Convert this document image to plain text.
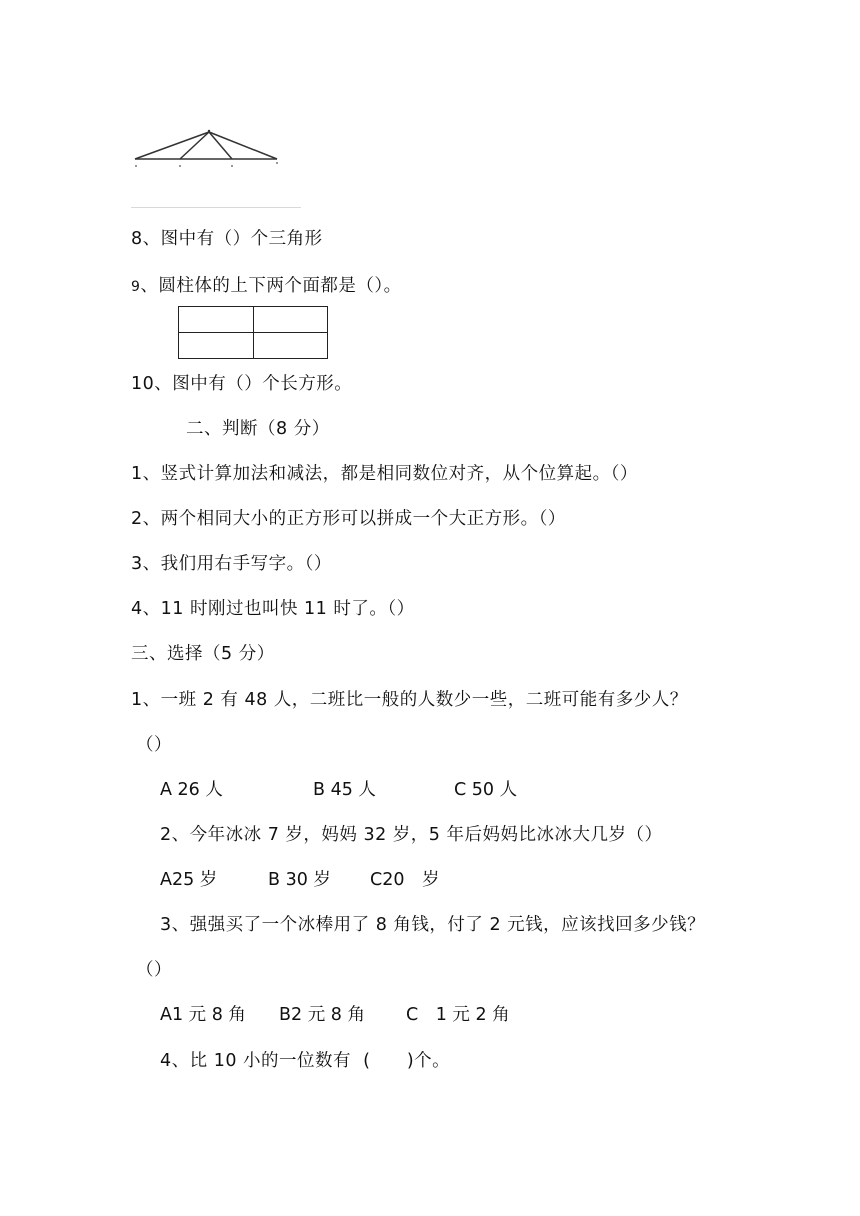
8、图中有（）个三角形
9、圆柱体的上下两个面都是（）。
10、图中有（）个长方形。
二、判断（8 分）
1、竖式计算加法和减法，都是相同数位对齐，从个位算起。（）
2、两个相同大小的正方形可以拼成一个大正方形。（）
3、我们用右手写字。（）
4、11 时刚过也叫快 11 时了。（）
三、选择（5 分）
1、一班 2 有 48 人，二班比一般的人数少一些，二班可能有多少人？
（）
A 26 人	B 45 人	C 50 人
2、今年冰冰 7 岁，妈妈 32 岁，5 年后妈妈比冰冰大几岁（）
A25 岁	B 30 岁 C20　岁
3、强强买了一个冰棒用了 8 角钱，付了 2 元钱，应该找回多少钱？
（）
A1 元 8 角 B2 元 8 角 C　1 元 2 角
4、比 10 小的一位数有  (      )个。
